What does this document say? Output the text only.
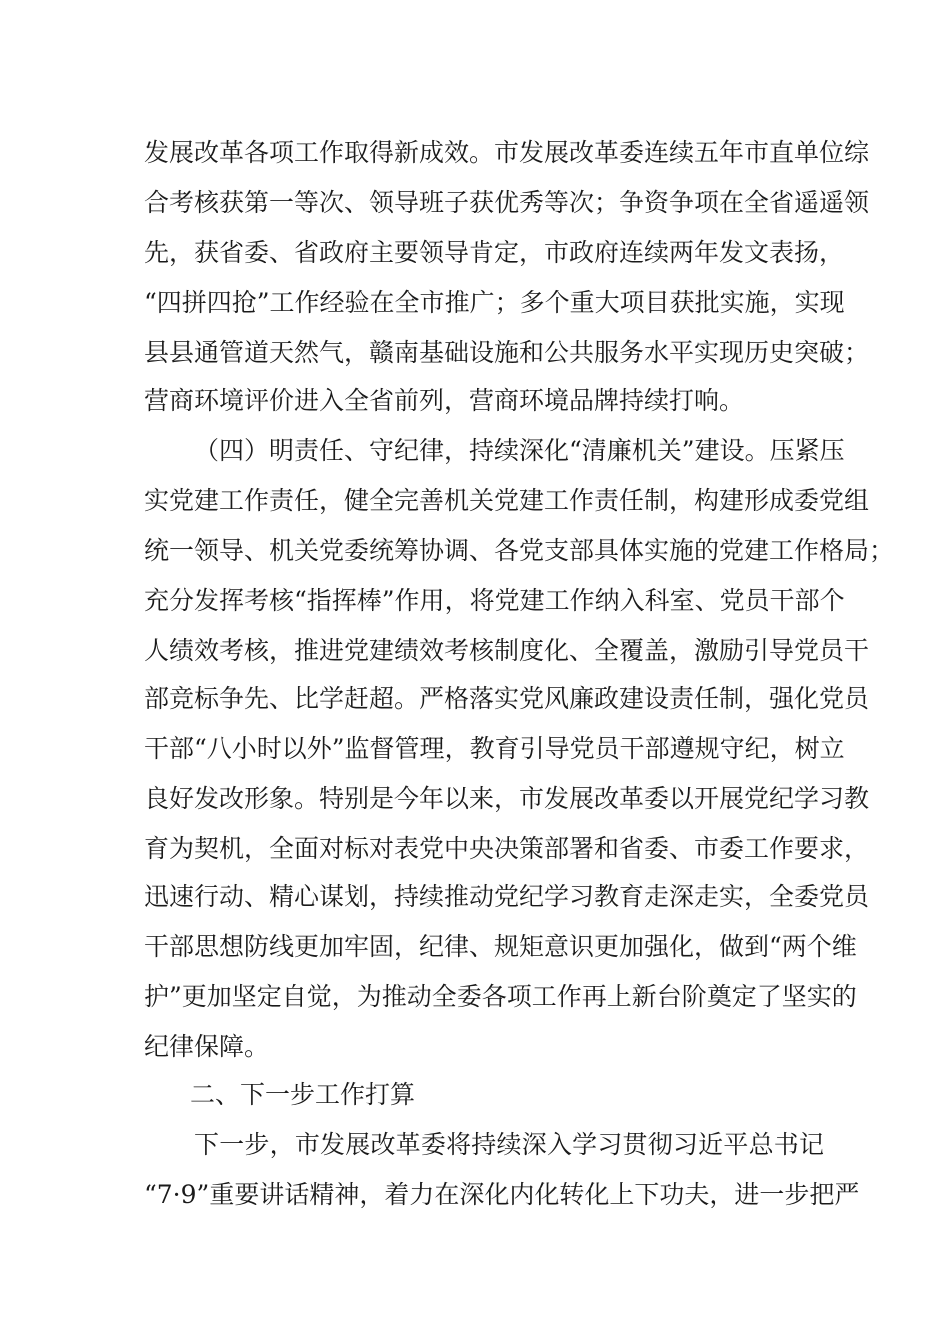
发展改革各项工作取得新成效。市发展改革委连续五年市直单位综
合考核获第一等次、领导班子获优秀等次；争资争项在全省遥遥领
先，获省委、省政府主要领导肯定，市政府连续两年发文表扬，
“四拼四抢”工作经验在全市推广；多个重大项目获批实施，实现
县县通管道天然气，赣南基础设施和公共服务水平实现历史突破；
营商环境评价进入全省前列，营商环境品牌持续打响。
（四）明责任、守纪律，持续深化“清廉机关”建设。压紧压
实党建工作责任，健全完善机关党建工作责任制，构建形成委党组
统一领导、机关党委统筹协调、各党支部具体实施的党建工作格局；
充分发挥考核“指挥棒”作用，将党建工作纳入科室、党员干部个
人绩效考核，推进党建绩效考核制度化、全覆盖，激励引导党员干
部竞标争先、比学赶超。严格落实党风廉政建设责任制，强化党员
干部“八小时以外”监督管理，教育引导党员干部遵规守纪，树立
良好发改形象。特别是今年以来，市发展改革委以开展党纪学习教
育为契机，全面对标对表党中央决策部署和省委、市委工作要求，
迅速行动、精心谋划，持续推动党纪学习教育走深走实，全委党员
干部思想防线更加牢固，纪律、规矩意识更加强化，做到“两个维
护”更加坚定自觉，为推动全委各项工作再上新台阶奠定了坚实的
纪律保障。
二、下一步工作打算
下一步，市发展改革委将持续深入学习贯彻习近平总书记
“7·9”重要讲话精神，着力在深化内化转化上下功夫，进一步把严
